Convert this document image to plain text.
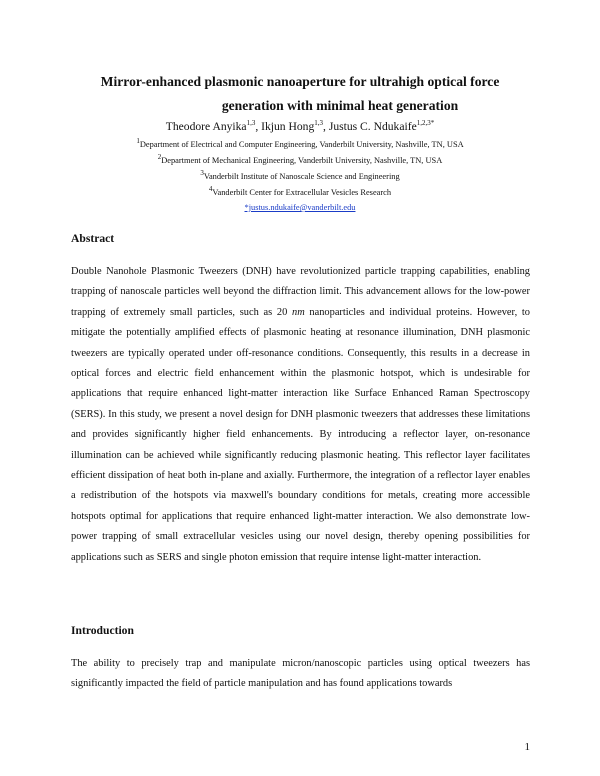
Mirror-enhanced plasmonic nanoaperture for ultrahigh optical force
generation with minimal heat generation
Theodore Anyika$^{1,3}$, Ikjun Hong$^{1,3}$, Justus C. Ndukaife$^{1,2,3*}$
$^1$Department of Electrical and Computer Engineering, Vanderbilt University, Nashville, TN, USA
$^2$Department of Mechanical Engineering, Vanderbilt University, Nashville, TN, USA
$^3$Vanderbilt Institute of Nanoscale Science and Engineering
$^4$Vanderbilt Center for Extracellular Vesicles Research
*justus.ndukaife@vanderbilt.edu
Abstract

Double Nanohole Plasmonic Tweezers (DNH) have revolutionized particle trapping capabilities, enabling trapping of nanoscale particles well beyond the diffraction limit. This advancement allows for the low-power trapping of extremely small particles, such as 20 nm nanoparticles and individual proteins. However, to mitigate the potentially amplified effects of plasmonic heating at resonance illumination, DNH plasmonic tweezers are typically operated under off-resonance conditions. Consequently, this results in a decrease in optical forces and electric field enhancement within the plasmonic hotspot, which is undesirable for applications that require enhanced light-matter interaction like Surface Enhanced Raman Spectroscopy (SERS). In this study, we present a novel design for DNH plasmonic tweezers that addresses these limitations and provides significantly higher field enhancements. By introducing a reflector layer, on-resonance illumination can be achieved while significantly reducing plasmonic heating. This reflector layer facilitates efficient dissipation of heat both in-plane and axially. Furthermore, the integration of a reflector layer enables a redistribution of the hotspots via maxwell's boundary conditions for metals, creating more accessible hotspots optimal for applications that require enhanced light-matter interaction. We also demonstrate low-power trapping of small extracellular vesicles using our novel design, thereby opening possibilities for applications such as SERS and single photon emission that require intense light-matter interaction.

Introduction

The ability to precisely trap and manipulate micron/nanoscopic particles using optical tweezers has significantly impacted the field of particle manipulation and has found applications towards

1
